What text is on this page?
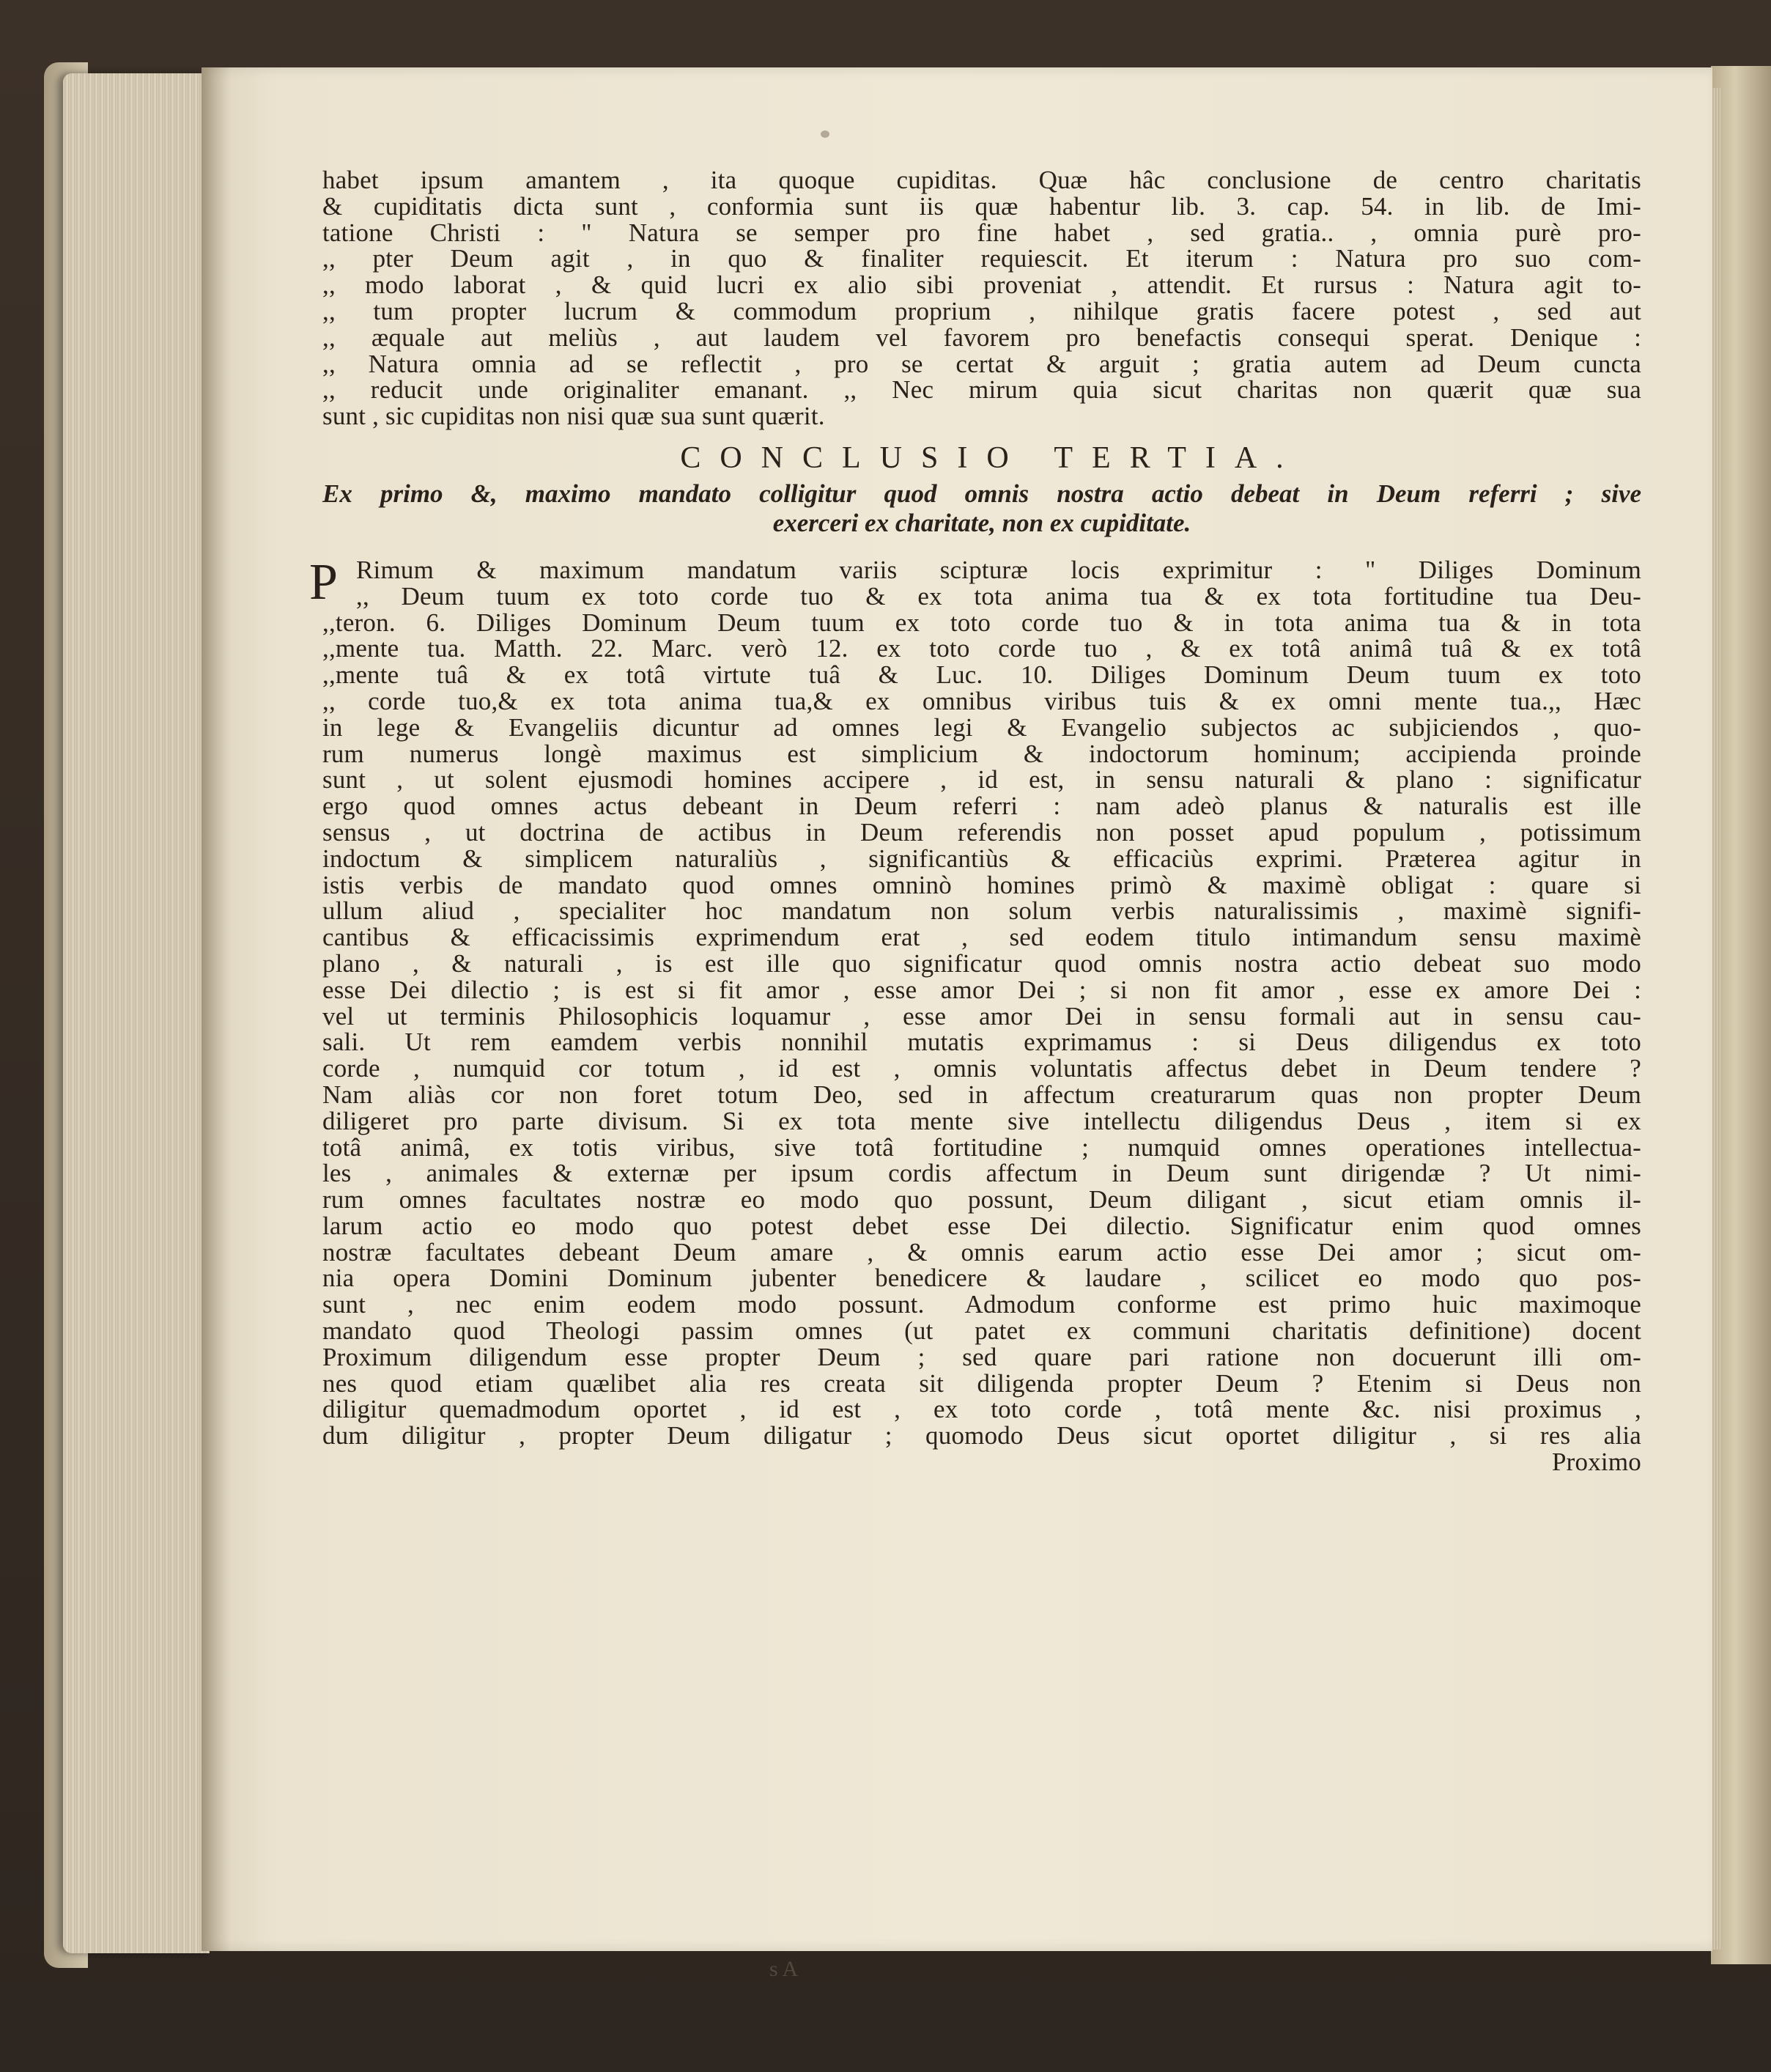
habet ipsum amantem , ita quoque cupiditas. Quæ hâc conclusione de centro charitatis
& cupiditatis dicta sunt , conformia sunt iis quæ habentur lib. 3. cap. 54. in lib. de Imi-
tatione Christi : " Natura se semper pro fine habet , sed gratia.. , omnia purè pro-
,, pter Deum agit , in quo & finaliter requiescit. Et iterum : Natura pro suo com-
,, modo laborat , & quid lucri ex alio sibi proveniat , attendit. Et rursus : Natura agit to-
,, tum propter lucrum & commodum proprium , nihilque gratis facere potest , sed aut
,, æquale aut meliùs , aut laudem vel favorem pro benefactis consequi sperat. Denique :
,, Natura omnia ad se reflectit , pro se certat & arguit ; gratia autem ad Deum cuncta
,, reducit unde originaliter emanant. ,, Nec mirum quia sicut charitas non quærit quæ sua
sunt , sic cupiditas non nisi quæ sua sunt quærit.
CONCLUSIO TERTIA.
Ex primo &, maximo mandato colligitur quod omnis nostra actio debeat in Deum referri ; sive
exerceri ex charitate, non ex cupiditate.
P Rimum & maximum mandatum variis scipturæ locis exprimitur : " Diliges Dominum
,, Deum tuum ex toto corde tuo & ex tota anima tua & ex tota fortitudine tua Deu-
,,teron. 6. Diliges Dominum Deum tuum ex toto corde tuo & in tota anima tua & in tota
,,mente tua. Matth. 22. Marc. verò 12. ex toto corde tuo , & ex totâ animâ tuâ & ex totâ
,,mente tuâ & ex totâ virtute tuâ & Luc. 10. Diliges Dominum Deum tuum ex toto
,, corde tuo,& ex tota anima tua,& ex omnibus viribus tuis & ex omni mente tua.,, Hæc
in lege & Evangeliis dicuntur ad omnes legi & Evangelio subjectos ac subjiciendos , quo-
rum numerus longè maximus est simplicium & indoctorum hominum; accipienda proinde
sunt , ut solent ejusmodi homines accipere , id est, in sensu naturali & plano : significatur
ergo quod omnes actus debeant in Deum referri : nam adeò planus & naturalis est ille
sensus , ut doctrina de actibus in Deum referendis non posset apud populum , potissimum
indoctum & simplicem naturaliùs , significantiùs & efficaciùs exprimi. Præterea agitur in
istis verbis de mandato quod omnes omninò homines primò & maximè obligat : quare si
ullum aliud , specialiter hoc mandatum non solum verbis naturalissimis , maximè signifi-
cantibus & efficacissimis exprimendum erat , sed eodem titulo intimandum sensu maximè
plano , & naturali , is est ille quo significatur quod omnis nostra actio debeat suo modo
esse Dei dilectio ; is est si fit amor , esse amor Dei ; si non fit amor , esse ex amore Dei :
vel ut terminis Philosophicis loquamur , esse amor Dei in sensu formali aut in sensu cau-
sali. Ut rem eamdem verbis nonnihil mutatis exprimamus : si Deus diligendus ex toto
corde , numquid cor totum , id est , omnis voluntatis affectus debet in Deum tendere ?
Nam aliàs cor non foret totum Deo, sed in affectum creaturarum quas non propter Deum
diligeret pro parte divisum. Si ex tota mente sive intellectu diligendus Deus , item si ex
totâ animâ, ex totis viribus, sive totâ fortitudine ; numquid omnes operationes intellectua-
les , animales & externæ per ipsum cordis affectum in Deum sunt dirigendæ ? Ut nimi-
rum omnes facultates nostræ eo modo quo possunt, Deum diligant , sicut etiam omnis il-
larum actio eo modo quo potest debet esse Dei dilectio. Significatur enim quod omnes
nostræ facultates debeant Deum amare , & omnis earum actio esse Dei amor ; sicut om-
nia opera Domini Dominum jubenter benedicere & laudare , scilicet eo modo quo pos-
sunt , nec enim eodem modo possunt. Admodum conforme est primo huic maximoque
mandato quod Theologi passim omnes (ut patet ex communi charitatis definitione) docent
Proximum diligendum esse propter Deum ; sed quare pari ratione non docuerunt illi om-
nes quod etiam quælibet alia res creata sit diligenda propter Deum ? Etenim si Deus non
diligitur quemadmodum oportet , id est , ex toto corde , totâ mente &c. nisi proximus ,
dum diligitur , propter Deum diligatur ; quomodo Deus sicut oportet diligitur , si res alia
Proximo
s A
